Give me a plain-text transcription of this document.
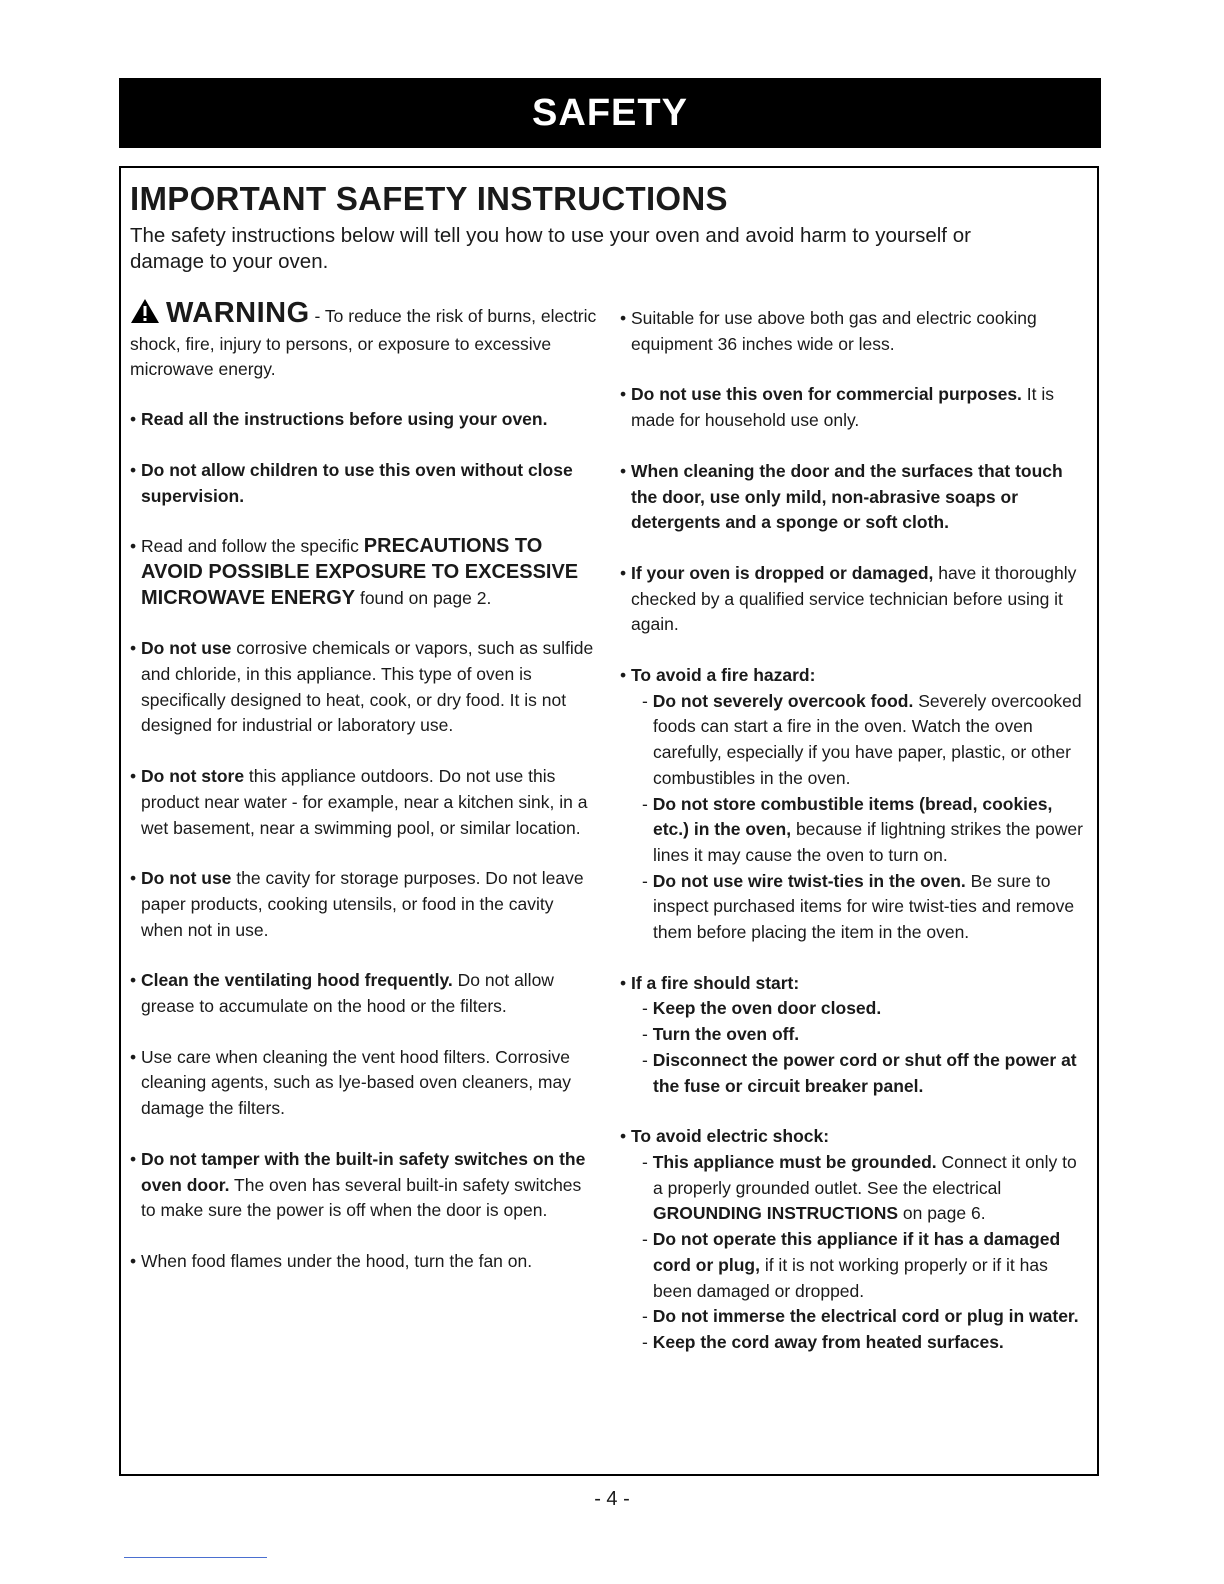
SAFETY
IMPORTANT SAFETY INSTRUCTIONS

The safety instructions below will tell you how to use your oven and avoid harm to yourself or damage to your oven.

WARNING - To reduce the risk of burns, electric shock, fire, injury to persons, or exposure to excessive microwave energy.

• Read all the instructions before using your oven.

• Do not allow children to use this oven without close supervision.

• Read and follow the specific PRECAUTIONS TO AVOID POSSIBLE EXPOSURE TO EXCESSIVE MICROWAVE ENERGY found on page 2.

• Do not use corrosive chemicals or vapors, such as sulfide and chloride, in this appliance. This type of oven is specifically designed to heat, cook, or dry food. It is not designed for industrial or laboratory use.

• Do not store this appliance outdoors. Do not use this product near water - for example, near a kitchen sink, in a wet basement, near a swimming pool, or similar location.

• Do not use the cavity for storage purposes. Do not leave paper products, cooking utensils, or food in the cavity when not in use.

• Clean the ventilating hood frequently. Do not allow grease to accumulate on the hood or the filters.

• Use care when cleaning the vent hood filters. Corrosive cleaning agents, such as lye-based oven cleaners, may damage the filters.

• Do not tamper with the built-in safety switches on the oven door. The oven has several built-in safety switches to make sure the power is off when the door is open.

• When food flames under the hood, turn the fan on.

• Suitable for use above both gas and electric cooking equipment 36 inches wide or less.

• Do not use this oven for commercial purposes. It is made for household use only.

• When cleaning the door and the surfaces that touch the door, use only mild, non-abrasive soaps or detergents and a sponge or soft cloth.

• If your oven is dropped or damaged, have it thoroughly checked by a qualified service technician before using it again.

• To avoid a fire hazard:

- Do not severely overcook food. Severely overcooked foods can start a fire in the oven. Watch the oven carefully, especially if you have paper, plastic, or other combustibles in the oven.

- Do not store combustible items (bread, cookies, etc.) in the oven, because if lightning strikes the power lines it may cause the oven to turn on.

- Do not use wire twist-ties in the oven. Be sure to inspect purchased items for wire twist-ties and remove them before placing the item in the oven.

• If a fire should start:

- Keep the oven door closed.

- Turn the oven off.

- Disconnect the power cord or shut off the power at the fuse or circuit breaker panel.

• To avoid electric shock:

- This appliance must be grounded. Connect it only to a properly grounded outlet. See the electrical GROUNDING INSTRUCTIONS on page 6.

- Do not operate this appliance if it has a damaged cord or plug, if it is not working properly or if it has been damaged or dropped.

- Do not immerse the electrical cord or plug in water.

- Keep the cord away from heated surfaces.

- 4 -
